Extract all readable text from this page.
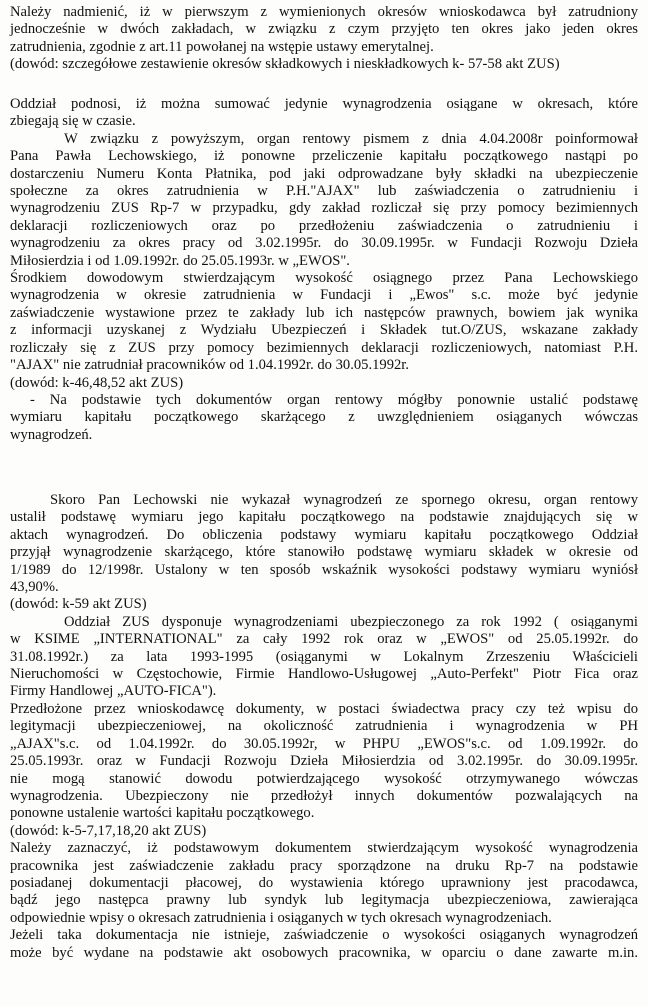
Należy nadmienić, iż w pierwszym z wymienionych okresów wnioskodawca był zatrudniony
jednocześnie w dwóch zakładach, w związku z czym przyjęto ten okres jako jeden okres
zatrudnienia, zgodnie z art.11 powołanej na wstępie ustawy emerytalnej.
(dowód: szczegółowe zestawienie okresów składkowych i nieskładkowych k- 57-58 akt ZUS)
Oddział podnosi, iż można sumować jedynie wynagrodzenia osiągane w okresach, które
zbiegają się w czasie.
W związku z powyższym, organ rentowy pismem z dnia 4.04.2008r poinformował
Pana Pawła Lechowskiego, iż ponowne przeliczenie kapitału początkowego nastąpi po
dostarczeniu Numeru Konta Płatnika, pod jaki odprowadzane były składki na ubezpieczenie
społeczne za okres zatrudnienia w P.H."AJAX" lub zaświadczenia o zatrudnieniu i
wynagrodzeniu ZUS Rp-7 w przypadku, gdy zakład rozliczał się przy pomocy bezimiennych
deklaracji rozliczeniowych oraz po przedłożeniu zaświadczenia o zatrudnieniu i
wynagrodzeniu za okres pracy od 3.02.1995r. do 30.09.1995r. w Fundacji Rozwoju Dzieła
Miłosierdzia i od 1.09.1992r. do 25.05.1993r. w „EWOS".
Środkiem dowodowym stwierdzającym wysokość osiągnego przez Pana Lechowskiego
wynagrodzenia w okresie zatrudnienia w Fundacji i „Ewos" s.c. może być jedynie
zaświadczenie wystawione przez te zakłady lub ich następców prawnych, bowiem jak wynika
z informacji uzyskanej z Wydziału Ubezpieczeń i Składek tut.O/ZUS, wskazane zakłady
rozliczały się z ZUS przy pomocy bezimiennych deklaracji rozliczeniowych, natomiast P.H.
"AJAX" nie zatrudniał pracowników od 1.04.1992r. do 30.05.1992r.
(dowód: k-46,48,52 akt ZUS)
- Na podstawie tych dokumentów organ rentowy mógłby ponownie ustalić podstawę
wymiaru kapitału początkowego skarżącego z uwzględnieniem osiąganych wówczas
wynagrodzeń.
Skoro Pan Lechowski nie wykazał wynagrodzeń ze spornego okresu, organ rentowy
ustalił podstawę wymiaru jego kapitału początkowego na podstawie znajdujących się w
aktach wynagrodzeń. Do obliczenia podstawy wymiaru kapitału początkowego Oddział
przyjął wynagrodzenie skarżącego, które stanowiło podstawę wymiaru składek w okresie od
1/1989 do 12/1998r. Ustalony w ten sposób wskaźnik wysokości podstawy wymiaru wyniósł
43,90%.
(dowód: k-59 akt ZUS)
Oddział ZUS dysponuje wynagrodzeniami ubezpieczonego za rok 1992 ( osiąganymi
w KSIME „INTERNATIONAL" za cały 1992 rok oraz w „EWOS" od 25.05.1992r. do
31.08.1992r.) za lata 1993-1995 (osiąganymi w Lokalnym Zrzeszeniu Właścicieli
Nieruchomości w Częstochowie, Firmie Handlowo-Usługowej „Auto-Perfekt" Piotr Fica oraz
Firmy Handlowej „AUTO-FICA").
Przedłożone przez wnioskodawcę dokumenty, w postaci świadectwa pracy czy też wpisu do
legitymacji ubezpieczeniowej, na okoliczność zatrudnienia i wynagrodzenia w PH
„AJAX"s.c. od 1.04.1992r. do 30.05.1992r, w PHPU „EWOS"s.c. od 1.09.1992r. do
25.05.1993r. oraz w Fundacji Rozwoju Dzieła Miłosierdzia od 3.02.1995r. do 30.09.1995r.
nie mogą stanowić dowodu potwierdzającego wysokość otrzymywanego wówczas
wynagrodzenia. Ubezpieczony nie przedłożył innych dokumentów pozwalających na
ponowne ustalenie wartości kapitału początkowego.
(dowód: k-5-7,17,18,20 akt ZUS)
Należy zaznaczyć, iż podstawowym dokumentem stwierdzającym wysokość wynagrodzenia
pracownika jest zaświadczenie zakładu pracy sporządzone na druku Rp-7 na podstawie
posiadanej dokumentacji płacowej, do wystawienia którego uprawniony jest pracodawca,
bądź jego następca prawny lub syndyk lub legitymacja ubezpieczeniowa, zawierająca
odpowiednie wpisy o okresach zatrudnienia i osiąganych w tych okresach wynagrodzeniach.
Jeżeli taka dokumentacja nie istnieje, zaświadczenie o wysokości osiąganych wynagrodzeń
może być wydane na podstawie akt osobowych pracownika, w oparciu o dane zawarte m.in.
